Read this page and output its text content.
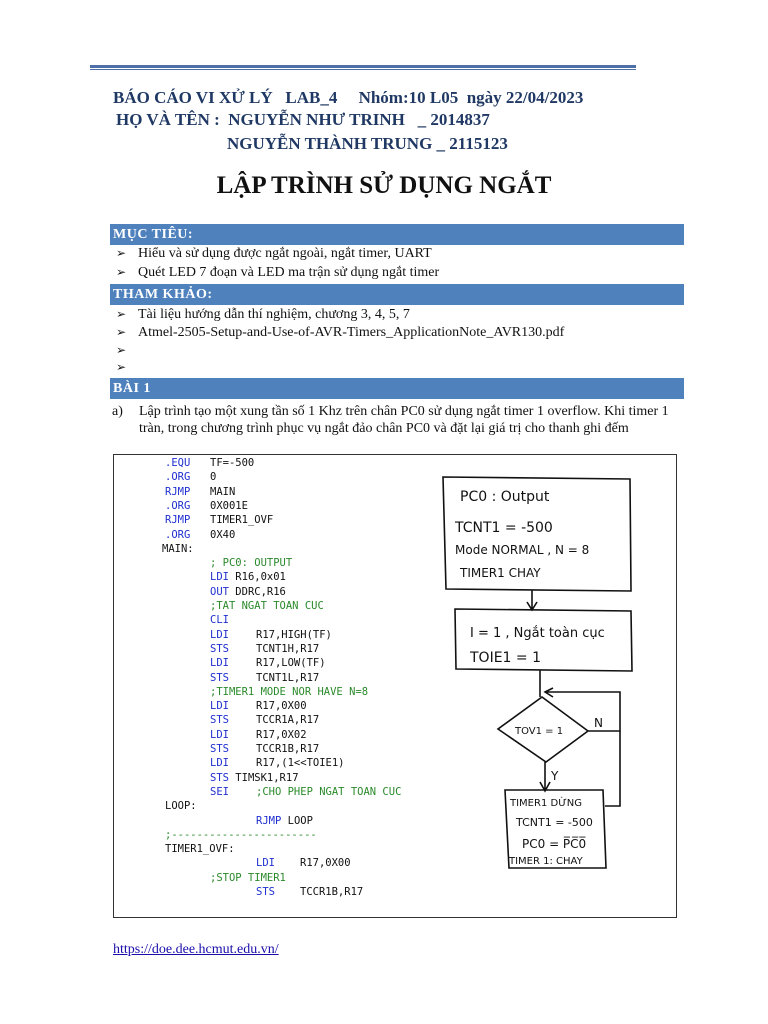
BÁO CÁO VI XỬ LÝ   LAB_4     Nhóm:10 L05  ngày 22/04/2023
HỌ VÀ TÊN :  NGUYỄN NHƯ TRINH   _ 2014837
NGUYỄN THÀNH TRUNG _ 2115123
LẬP TRÌNH SỬ DỤNG NGẮT
MỤC TIÊU:
➢ Hiểu và sử dụng được ngắt ngoài, ngắt timer, UART
➢ Quét LED 7 đoạn và LED ma trận sử dụng ngắt timer
THAM KHẢO:
➢ Tài liệu hướng dẫn thí nghiệm, chương 3, 4, 5, 7
➢ Atmel-2505-Setup-and-Use-of-AVR-Timers_ApplicationNote_AVR130.pdf
➢
➢
BÀI 1
a)	Lập trình tạo một xung tần số 1 Khz trên chân PC0 sử dụng ngắt timer 1 overflow. Khi timer 1 tràn, trong chương trình phục vụ ngắt đảo chân PC0 và đặt lại giá trị cho thanh ghi đếm
.EQU TF=-500
.ORG 0
RJMP MAIN
.ORG 0X001E
RJMP TIMER1_OVF
.ORG 0X40
MAIN:
; PC0: OUTPUT
LDI R16,0x01
OUT DDRC,R16
;TAT NGAT TOAN CUC
CLI
LDI	R17,HIGH(TF)
STS	TCNT1H,R17
LDI	R17,LOW(TF)
STS	TCNT1L,R17
;TIMER1 MODE NOR HAVE N=8
LDI	R17,0X00
STS	TCCR1A,R17
LDI	R17,0X02
STS	TCCR1B,R17
LDI	R17,(1<<TOIE1)
STS TIMSK1,R17
SEI	;CHO PHEP NGAT TOAN CUC
LOOP:
RJMP LOOP
;-----------------------
TIMER1_OVF:
LDI R17,0X00
;STOP TIMER1
STS TCCR1B,R17
PC0 : Output
TCNT1 = -500
Mode NORMAL , N = 8
TIMER1 CHAY
I = 1 , Ngắt toàn cục
TOIE1 = 1
TOV1 = 1
N
Y
TIMER1 DỪNG
TCNT1 = -500
PC0 = P̅C̅0̅
TIMER 1: CHAY
https://doe.dee.hcmut.edu.vn/
